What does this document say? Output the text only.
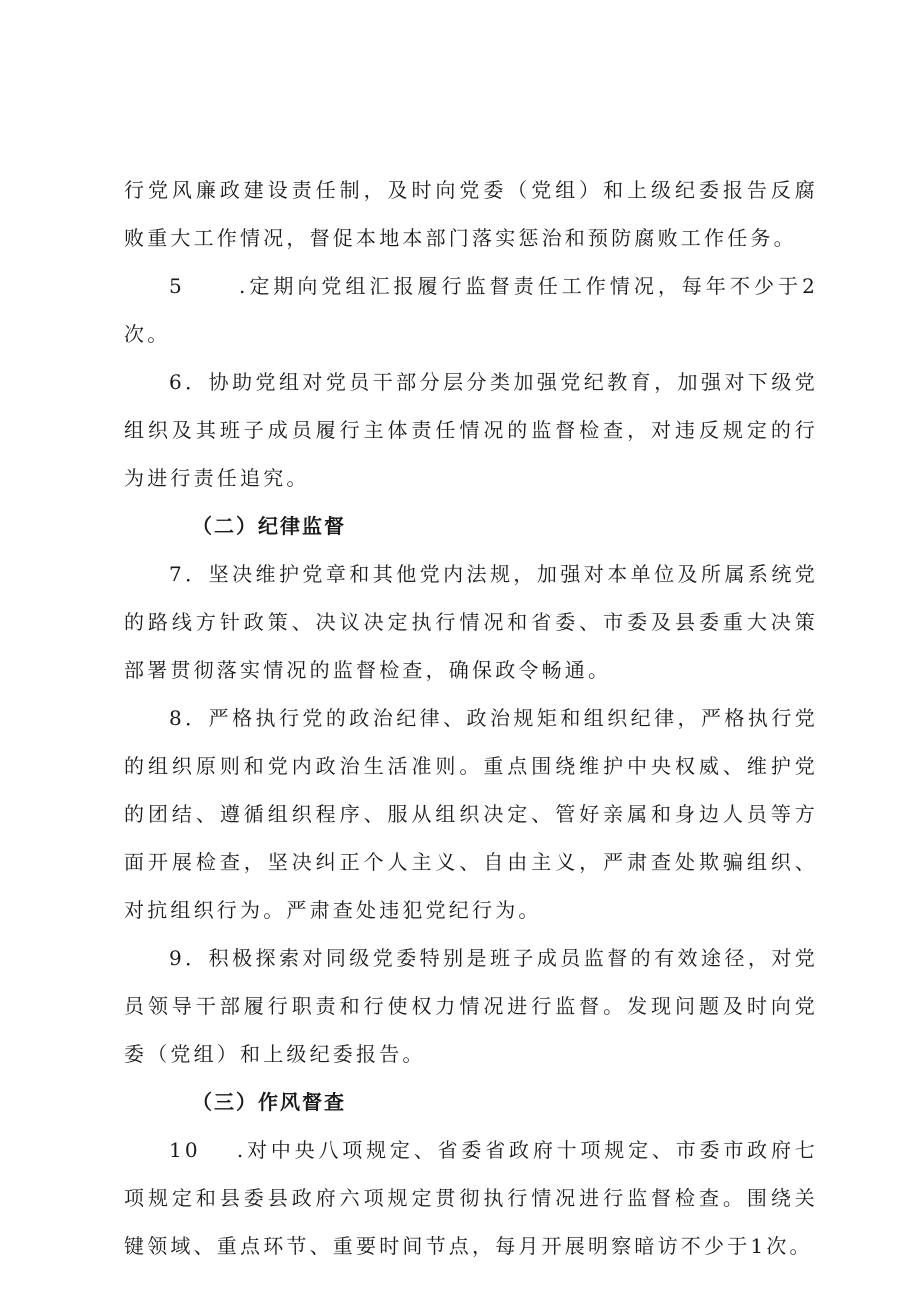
行党风廉政建设责任制，及时向党委（党组）和上级纪委报告反腐败重大工作情况，督促本地本部门落实惩治和预防腐败工作任务。

5	.定期向党组汇报履行监督责任工作情况，每年不少于2次。

6．协助党组对党员干部分层分类加强党纪教育，加强对下级党组织及其班子成员履行主体责任情况的监督检查，对违反规定的行为进行责任追究。

（二）纪律监督

7．坚决维护党章和其他党内法规，加强对本单位及所属系统党的路线方针政策、决议决定执行情况和省委、市委及县委重大决策部署贯彻落实情况的监督检查，确保政令畅通。

8．严格执行党的政治纪律、政治规矩和组织纪律，严格执行党的组织原则和党内政治生活准则。重点围绕维护中央权威、维护党的团结、遵循组织程序、服从组织决定、管好亲属和身边人员等方面开展检查，坚决纠正个人主义、自由主义，严肃查处欺骗组织、对抗组织行为。严肃查处违犯党纪行为。

9．积极探索对同级党委特别是班子成员监督的有效途径，对党员领导干部履行职责和行使权力情况进行监督。发现问题及时向党委（党组）和上级纪委报告。

（三）作风督查

10 .对中央八项规定、省委省政府十项规定、市委市政府七项规定和县委县政府六项规定贯彻执行情况进行监督检查。围绕关键领域、重点环节、重要时间节点，每月开展明察暗访不少于1次。
